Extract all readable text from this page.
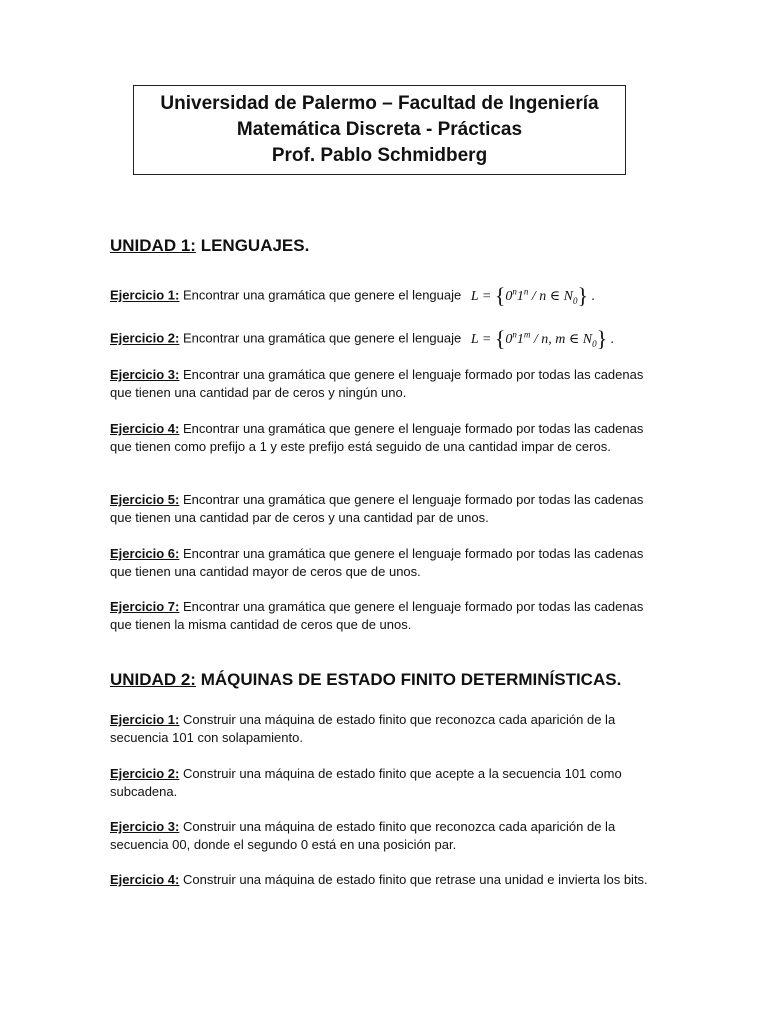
Universidad de Palermo – Facultad de Ingeniería
Matemática Discreta - Prácticas
Prof. Pablo Schmidberg
UNIDAD 1: LENGUAJES.

Ejercicio 1: Encontrar una gramática que genere el lenguaje $L = \{0^n1^n / n$ ∈ $N_0$} .

Ejercicio 2: Encontrar una gramática que genere el lenguaje $L = \{0^n1^m / n$, m ∈ $N_0$} .

Ejercicio 3: Encontrar una gramática que genere el lenguaje formado por todas las cadenas que tienen una cantidad par de ceros y ningún uno.

Ejercicio 4: Encontrar una gramática que genere el lenguaje formado por todas las cadenas que tienen como prefijo a 1 y este prefijo está seguido de una cantidad impar de ceros.

Ejercicio 5: Encontrar una gramática que genere el lenguaje formado por todas las cadenas que tienen una cantidad par de ceros y una cantidad par de unos.

Ejercicio 6: Encontrar una gramática que genere el lenguaje formado por todas las cadenas que tienen una cantidad mayor de ceros que de unos.

Ejercicio 7: Encontrar una gramática que genere el lenguaje formado por todas las cadenas que tienen la misma cantidad de ceros que de unos.

UNIDAD 2: MÁQUINAS DE ESTADO FINITO DETERMINÍSTICAS.

Ejercicio 1: Construir una máquina de estado finito que reconozca cada aparición de la secuencia 101 con solapamiento.

Ejercicio 2: Construir una máquina de estado finito que acepte a la secuencia 101 como subcadena.

Ejercicio 3: Construir una máquina de estado finito que reconozca cada aparición de la secuencia 00, donde el segundo 0 está en una posición par.

Ejercicio 4: Construir una máquina de estado finito que retrase una unidad e invierta los bits.
